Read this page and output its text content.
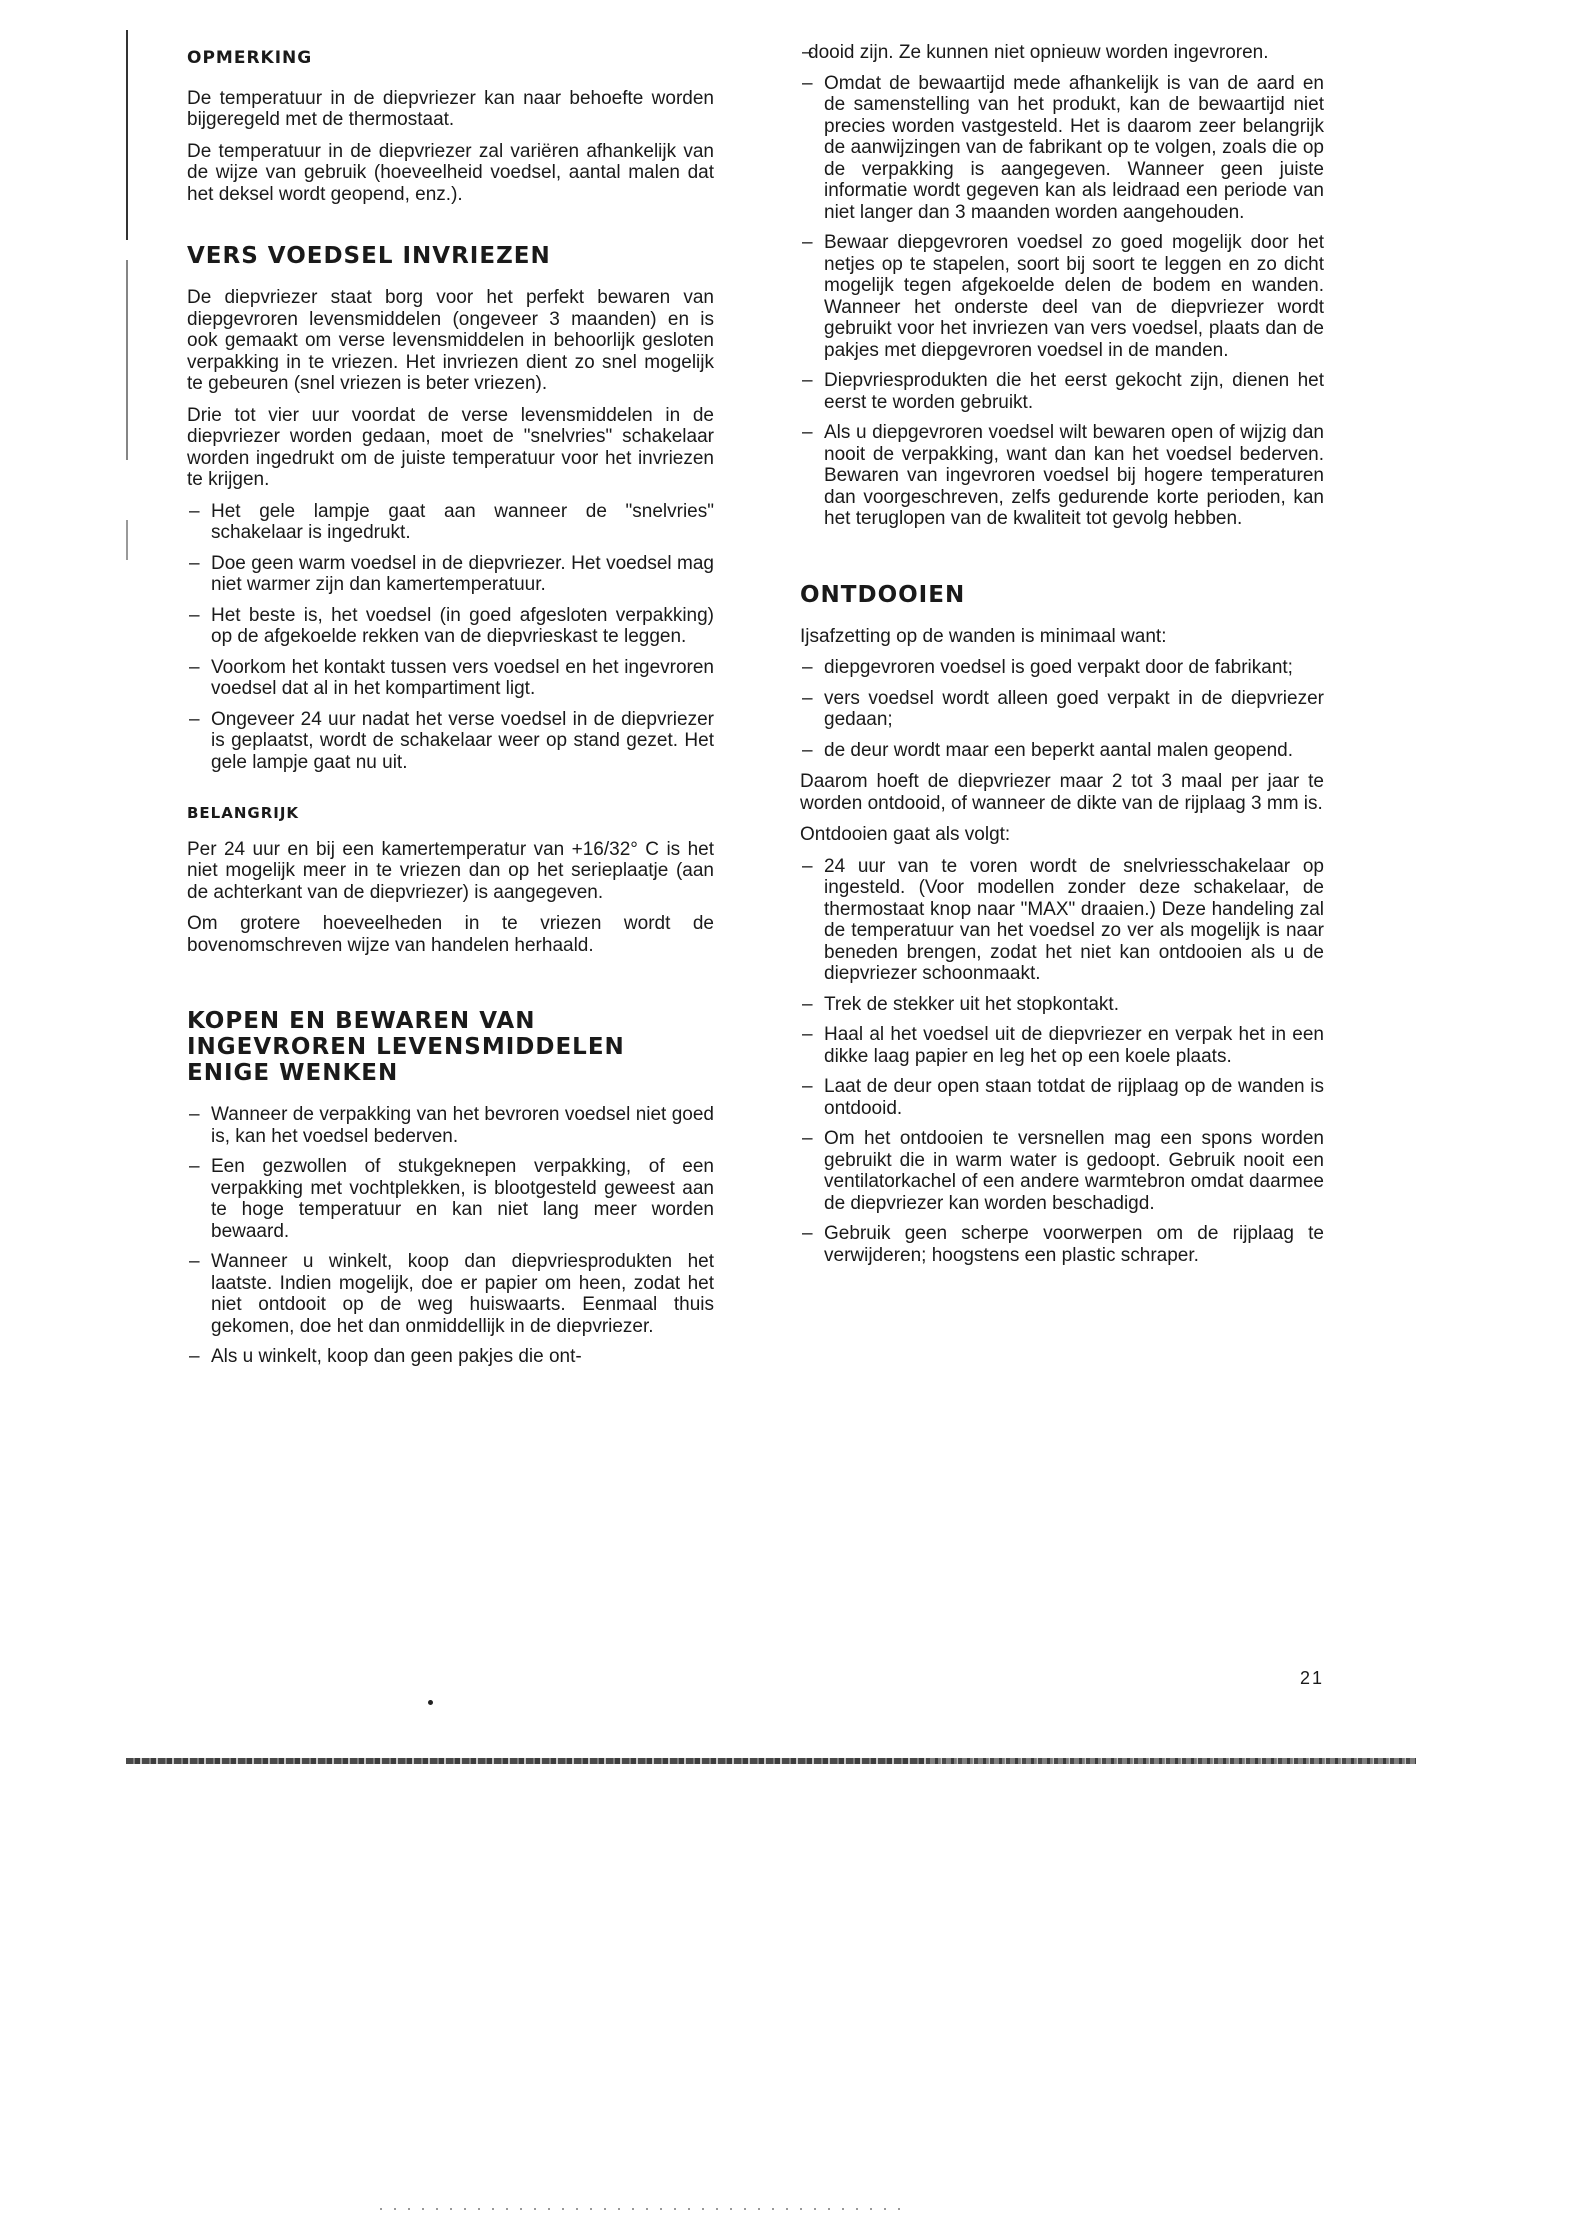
OPMERKING

De temperatuur in de diepvriezer kan naar behoefte worden bijgeregeld met de thermostaat.

De temperatuur in de diepvriezer zal variëren afhankelijk van de wijze van gebruik (hoeveelheid voedsel, aantal malen dat het deksel wordt geopend, enz.).

VERS VOEDSEL INVRIEZEN

De diepvriezer staat borg voor het perfekt bewaren van diepgevroren levensmiddelen (ongeveer 3 maanden) en is ook gemaakt om verse levensmiddelen in behoorlijk gesloten verpakking in te vriezen. Het invriezen dient zo snel mogelijk te gebeuren (snel vriezen is beter vriezen).

Drie tot vier uur voordat de verse levensmiddelen in de diepvriezer worden gedaan, moet de "snelvries" schakelaar worden ingedrukt om de juiste temperatuur voor het invriezen te krijgen.

– Het gele lampje gaat aan wanneer de "snelvries" schakelaar is ingedrukt.
– Doe geen warm voedsel in de diepvriezer. Het voedsel mag niet warmer zijn dan kamertemperatuur.
– Het beste is, het voedsel (in goed afgesloten verpakking) op de afgekoelde rekken van de diepvrieskast te leggen.
– Voorkom het kontakt tussen vers voedsel en het ingevroren voedsel dat al in het kompartiment ligt.
– Ongeveer 24 uur nadat het verse voedsel in de diepvriezer is geplaatst, wordt de schakelaar weer op stand gezet. Het gele lampje gaat nu uit.
BELANGRIJK

Per 24 uur en bij een kamertemperatur van +16/32° C is het niet mogelijk meer in te vriezen dan op het serieplaatje (aan de achterkant van de diepvriezer) is aangegeven.

Om grotere hoeveelheden in te vriezen wordt de bovenomschreven wijze van handelen herhaald.

KOPEN EN BEWAREN VAN
INGEVRORЕN LEVENSMIDDELEN
ENIGE WENKEN
– Wanneer de verpakking van het bevroren voedsel niet goed is, kan het voedsel bederven.
– Een gezwollen of stukgeknepen verpakking, of een verpakking met vochtplekken, is blootgesteld geweest aan te hoge temperatuur en kan niet lang meer worden bewaard.
– Wanneer u winkelt, koop dan diepvriesprodukten het laatste. Indien mogelijk, doe er papier om heen, zodat het niet ontdooit op de weg huiswaarts. Eenmaal thuis gekomen, doe het dan onmiddellijk in de diepvriezer.
– Als u winkelt, koop dan geen pakjes die ont-
– dooid zijn. Ze kunnen niet opnieuw worden ingevroren.
– Omdat de bewaartijd mede afhankelijk is van de aard en de samenstelling van het produkt, kan de bewaartijd niet precies worden vastgesteld. Het is daarom zeer belangrijk de aanwijzingen van de fabrikant op te volgen, zoals die op de verpakking is aangegeven. Wanneer geen juiste informatie wordt gegeven kan als leidraad een periode van niet langer dan 3 maanden worden aangehouden.
– Bewaar diepgevroren voedsel zo goed mogelijk door het netjes op te stapelen, soort bij soort te leggen en zo dicht mogelijk tegen afgekoelde delen de bodem en wanden. Wanneer het onderste deel van de diepvriezer wordt gebruikt voor het invriezen van vers voedsel, plaats dan de pakjes met diepgevroren voedsel in de manden.
– Diepvriesprodukten die het eerst gekocht zijn, dienen het eerst te worden gebruikt.
– Als u diepgevroren voedsel wilt bewaren open of wijzig dan nooit de verpakking, want dan kan het voedsel bederven. Bewaren van ingevroren voedsel bij hogere temperaturen dan voorgeschreven, zelfs gedurende korte perioden, kan het teruglopen van de kwaliteit tot gevolg hebben.
ONTDOOIEN

Ijsafzetting op de wanden is minimaal want:

– diepgevroren voedsel is goed verpakt door de fabrikant;
– vers voedsel wordt alleen goed verpakt in de diepvriezer gedaan;
– de deur wordt maar een beperkt aantal malen geopend.

Daarom hoeft de diepvriezer maar 2 tot 3 maal per jaar te worden ontdooid, of wanneer de dikte van de rijplaag 3 mm is.

Ontdooien gaat als volgt:

– 24 uur van te voren wordt de snelvriesschakelaar op ingesteld. (Voor modellen zonder deze schakelaar, de thermostaat knop naar "MAX" draaien.) Deze handeling zal de temperatuur van het voedsel zo ver als mogelijk is naar beneden brengen, zodat het niet kan ontdooien als u de diepvriezer schoonmaakt.
– Trek de stekker uit het stopkontakt.
– Haal al het voedsel uit de diepvriezer en verpak het in een dikke laag papier en leg het op een koele plaats.
– Laat de deur open staan totdat de rijplaag op de wanden is ontdooid.
– Om het ontdooien te versnellen mag een spons worden gebruikt die in warm water is gedoopt. Gebruik nooit een ventilatorkachel of een andere warmtebron omdat daarmee de diepvriezer kan worden beschadigd.
– Gebruik geen scherpe voorwerpen om de rijplaag te verwijderen; hoogstens een plastic schraper.
21
